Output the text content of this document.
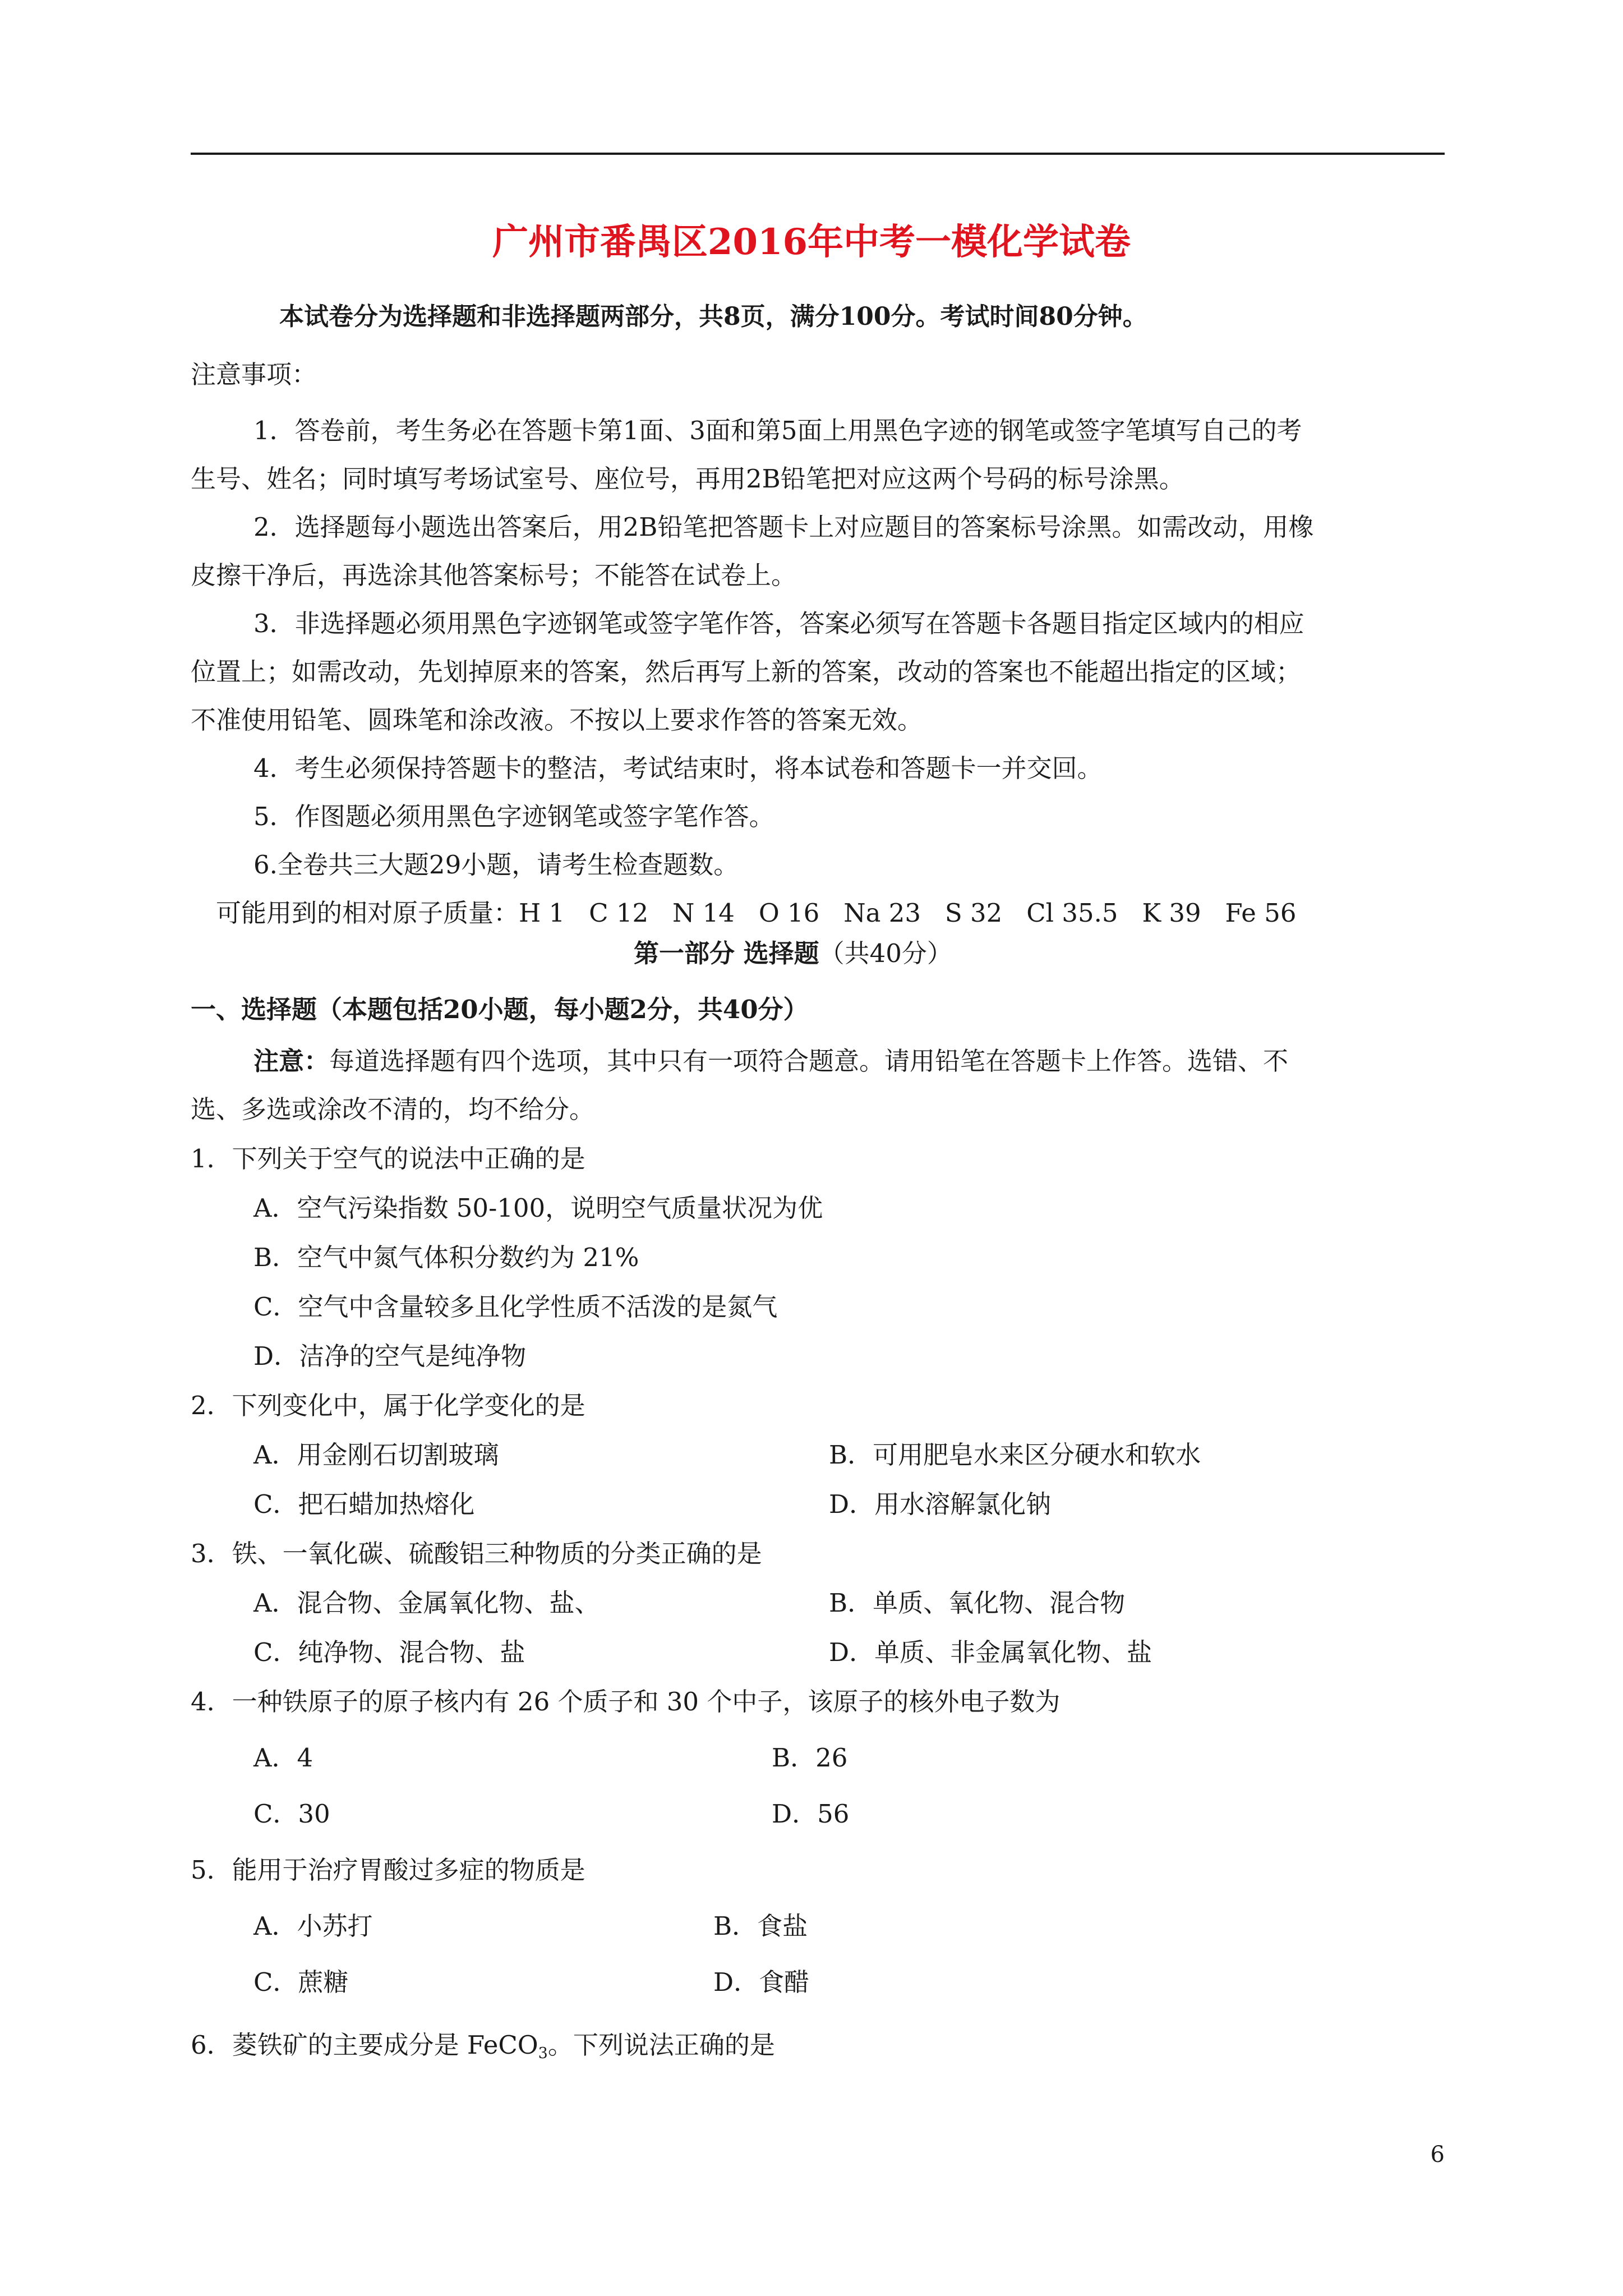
广州市番禺区2016年中考一模化学试卷
本试卷分为选择题和非选择题两部分，共8页，满分100分。考试时间80分钟。
注意事项：
1．答卷前，考生务必在答题卡第1面、3面和第5面上用黑色字迹的钢笔或签字笔填写自己的考
生号、姓名；同时填写考场试室号、座位号，再用2B铅笔把对应这两个号码的标号涂黑。
2．选择题每小题选出答案后，用2B铅笔把答题卡上对应题目的答案标号涂黑。如需改动，用橡
皮擦干净后，再选涂其他答案标号；不能答在试卷上。
3．非选择题必须用黑色字迹钢笔或签字笔作答，答案必须写在答题卡各题目指定区域内的相应
位置上；如需改动，先划掉原来的答案，然后再写上新的答案，改动的答案也不能超出指定的区域；
不准使用铅笔、圆珠笔和涂改液。不按以上要求作答的答案无效。
4．考生必须保持答题卡的整洁，考试结束时，将本试卷和答题卡一并交回。
5．作图题必须用黑色字迹钢笔或签字笔作答。
6.全卷共三大题29小题，请考生检查题数。
可能用到的相对原子质量：H 1   C 12   N 14   O 16   Na 23   S 32   Cl 35.5   K 39   Fe 56
第一部分 选择题（共40分）
一、选择题（本题包括20小题，每小题2分，共40分）
注意：每道选择题有四个选项，其中只有一项符合题意。请用铅笔在答题卡上作答。选错、不
选、多选或涂改不清的，均不给分。
1．下列关于空气的说法中正确的是
A．空气污染指数 50-100，说明空气质量状况为优
B．空气中氮气体积分数约为 21%
C．空气中含量较多且化学性质不活泼的是氮气
D．洁净的空气是纯净物
2．下列变化中，属于化学变化的是
A．用金刚石切割玻璃	B．可用肥皂水来区分硬水和软水
C．把石蜡加热熔化	D．用水溶解氯化钠
3．铁、一氧化碳、硫酸铝三种物质的分类正确的是
A．混合物、金属氧化物、盐、	B．单质、氧化物、混合物
C．纯净物、混合物、盐	D．单质、非金属氧化物、盐
4．一种铁原子的原子核内有 26 个质子和 30 个中子，该原子的核外电子数为
A．4	B．26
C．30	D．56
5．能用于治疗胃酸过多症的物质是
A．小苏打	B．食盐
C．蔗糖	D．食醋
6．菱铁矿的主要成分是 FeCO$_3$。下列说法正确的是
6
